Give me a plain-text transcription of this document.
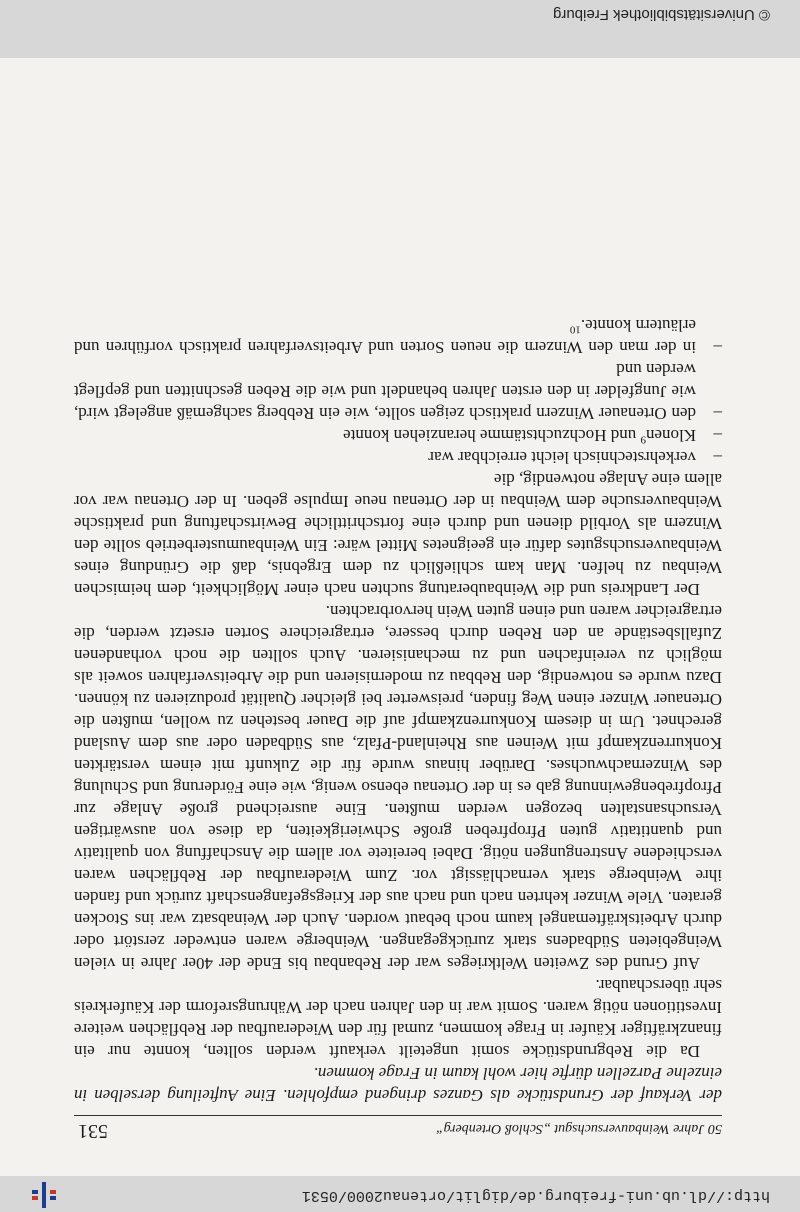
© Universitätsbibliothek Freiburg
http://dl.ub.uni-freiburg.de/diglit/ortenau2000/0531
50 Jahre Weinbauversuchsgut „Schloß Ortenberg“
531

der Verkauf der Grundstücke als Ganzes dringend empfohlen. Eine Aufteilung derselben in einzelne Parzellen dürfte hier wohl kaum in Frage kommen.

Da die Rebgrundstücke somit ungeteilt verkauft werden sollten, konnte nur ein finanzkräftiger Käufer in Frage kommen, zumal für den Wiederaufbau der Rebflächen weitere Investitionen nötig waren. Somit war in den Jahren nach der Währungsreform der Käuferkreis sehr überschaubar.

Auf Grund des Zweiten Weltkrieges war der Rebanbau bis Ende der 40er Jahre in vielen Weingebieten Südbadens stark zurückgegangen. Weinberge waren entweder zerstört oder durch Arbeitskräftemangel kaum noch bebaut worden. Auch der Weinabsatz war ins Stocken geraten. Viele Winzer kehrten nach und nach aus der Kriegsgefangenschaft zurück und fanden ihre Weinberge stark vernachlässigt vor. Zum Wiederaufbau der Rebflächen waren verschiedene Anstrengungen nötig. Dabei bereitete vor allem die Anschaffung von qualitativ und quantitativ guten Pfropfreben große Schwierigkeiten, da diese von auswärtigen Versuchsanstalten bezogen werden mußten. Eine ausreichend große Anlage zur Pfropfrebengewinnung gab es in der Ortenau ebenso wenig, wie eine Förderung und Schulung des Winzernachwuchses. Darüber hinaus wurde für die Zukunft mit einem verstärkten Konkurrenzkampf mit Weinen aus Rheinland-Pfalz, aus Südbaden oder aus dem Ausland gerechnet. Um in diesem Konkurrenzkampf auf die Dauer bestehen zu wollen, mußten die Ortenauer Winzer einen Weg finden, preiswerter bei gleicher Qualität produzieren zu können. Dazu wurde es notwendig, den Rebbau zu modernisieren und die Arbeitsverfahren soweit als möglich zu vereinfachen und zu mechanisieren. Auch sollten die noch vorhandenen Zufallsbestände an den Reben durch bessere, ertragreichere Sorten ersetzt werden, die ertragreicher waren und einen guten Wein hervorbrachten.

Der Landkreis und die Weinbauberatung suchten nach einer Möglichkeit, dem heimischen Weinbau zu helfen. Man kam schließlich zu dem Ergebnis, daß die Gründung eines Weinbauversuchsgutes dafür ein geeignetes Mittel wäre: Ein Weinbaumusterbetrieb sollte den Winzern als Vorbild dienen und durch eine fortschrittliche Bewirtschaftung und praktische Weinbauversuche dem Weinbau in der Ortenau neue Impulse geben. In der Ortenau war vor allem eine Anlage notwendig, die

– verkehrstechnisch leicht erreichbar war
– Klonen$^9$ und Hochzuchtstämme heranziehen konnte
– den Ortenauer Winzern praktisch zeigen sollte, wie ein Rebberg sachgemäß angelegt wird, wie Jungfelder in den ersten Jahren behandelt und wie die Reben geschnitten und gepflegt werden und
– in der man den Winzern die neuen Sorten und Arbeitsverfahren praktisch vorführen und erläutern konnte.$^{10}$
